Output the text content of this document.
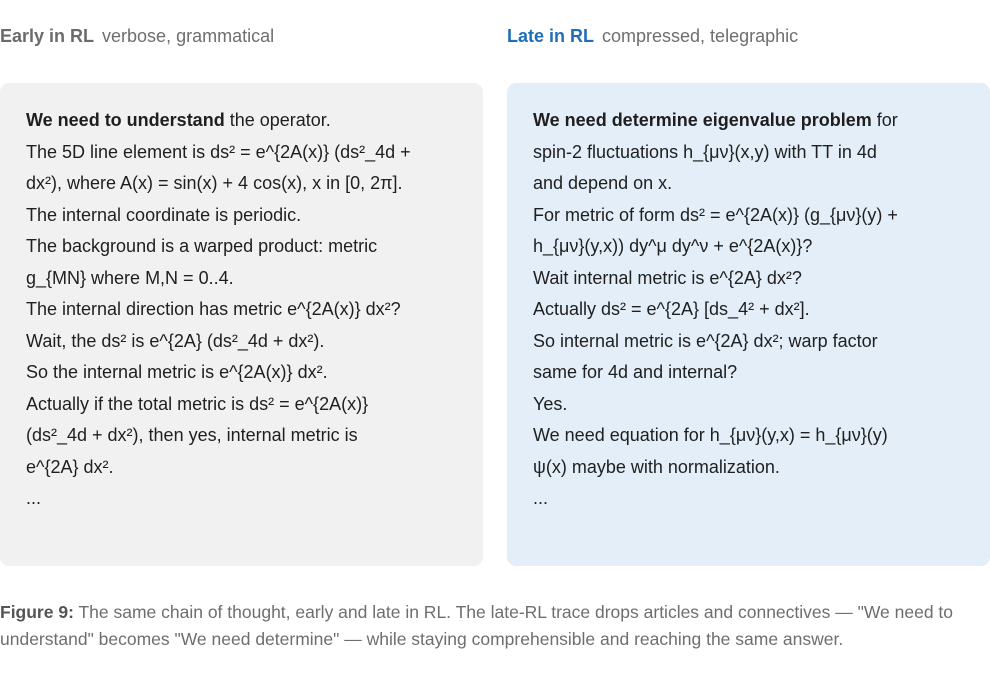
Early in RL verbose, grammatical
We need to understand the operator.
The 5D line element is ds² = e^{2A(x)} (ds²_4d +
dx²), where A(x) = sin(x) + 4 cos(x), x in [0, 2π].
The internal coordinate is periodic.
The background is a warped product: metric
g_{MN} where M,N = 0..4.
The internal direction has metric e^{2A(x)} dx²?
Wait, the ds² is e^{2A} (ds²_4d + dx²).
So the internal metric is e^{2A(x)} dx².
Actually if the total metric is ds² = e^{2A(x)}
(ds²_4d + dx²), then yes, internal metric is
e^{2A} dx².
...
Late in RL compressed, telegraphic
We need determine eigenvalue problem for
spin-2 fluctuations h_{μν}(x,y) with TT in 4d
and depend on x.
For metric of form ds² = e^{2A(x)} (g_{μν}(y) +
h_{μν}(y,x)) dy^μ dy^ν + e^{2A(x)}?
Wait internal metric is e^{2A} dx²?
Actually ds² = e^{2A} [ds_4² + dx²].
So internal metric is e^{2A} dx²; warp factor
same for 4d and internal?
Yes.
We need equation for h_{μν}(y,x) = h_{μν}(y)
ψ(x) maybe with normalization.
...
Figure 9: The same chain of thought, early and late in RL. The late-RL trace drops articles and connectives — "We need to understand" becomes "We need determine" — while staying comprehensible and reaching the same answer.
